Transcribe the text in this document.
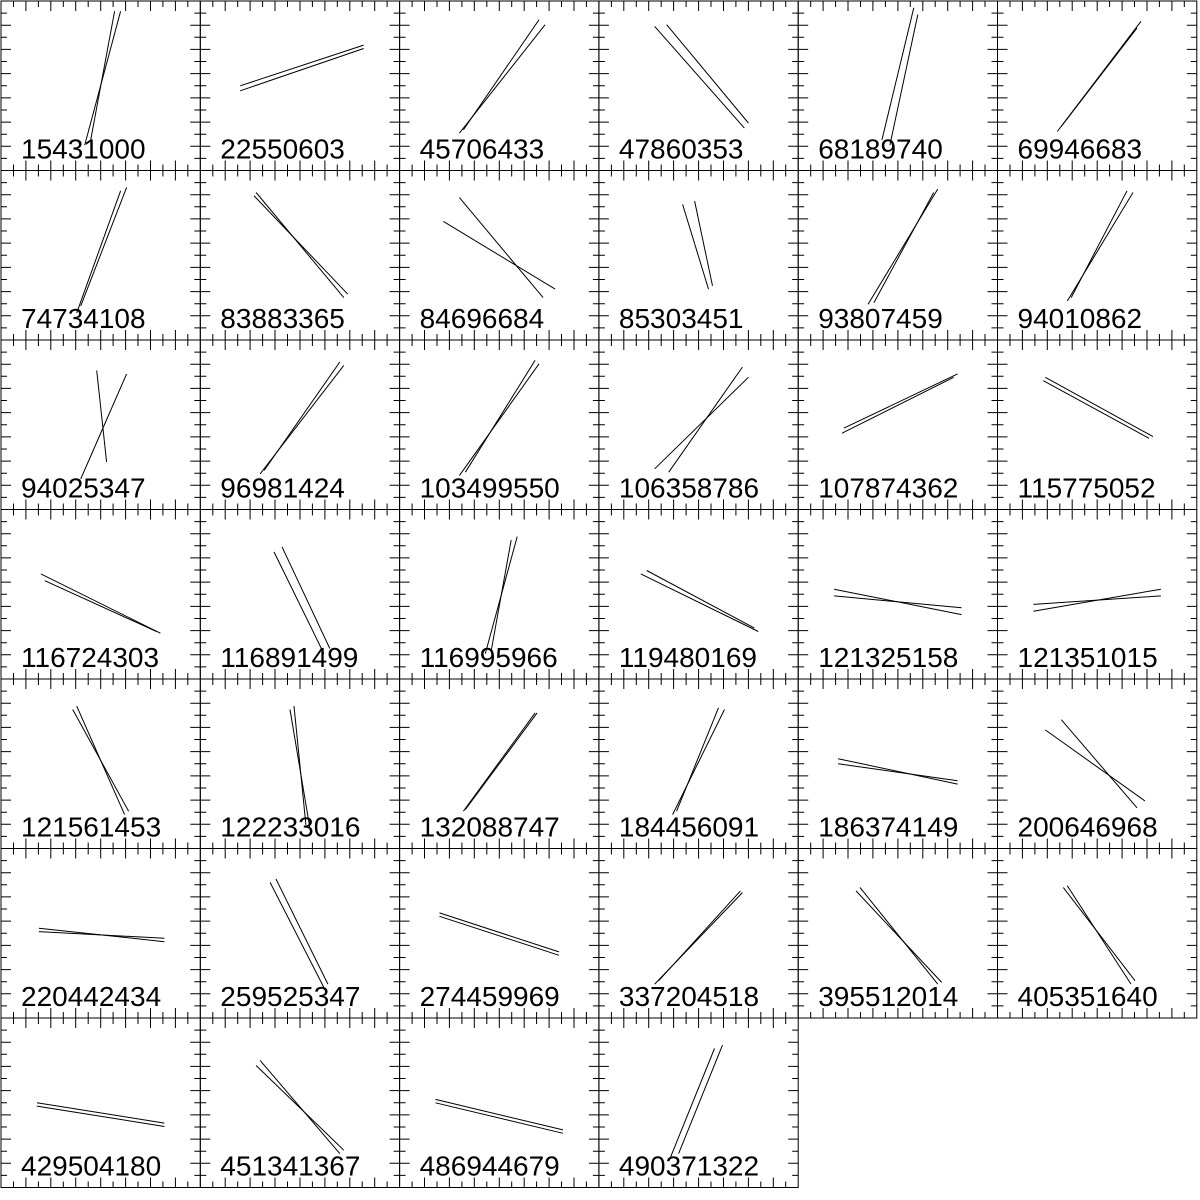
15431000	22550603	45706433	47860353	68189740	69946683
74734108	83883365	84696684	85303451	93807459	94010862
94025347	96981424	103499550 106358786 107874362 115775052
116724303 116891499 116995966 119480169 121325158 121351015
121561453 122233016 132088747 184456091 186374149 200646968
220442434 259525347 274459969 337204518 395512014 405351640
429504180 451341367 486944679 490371322
